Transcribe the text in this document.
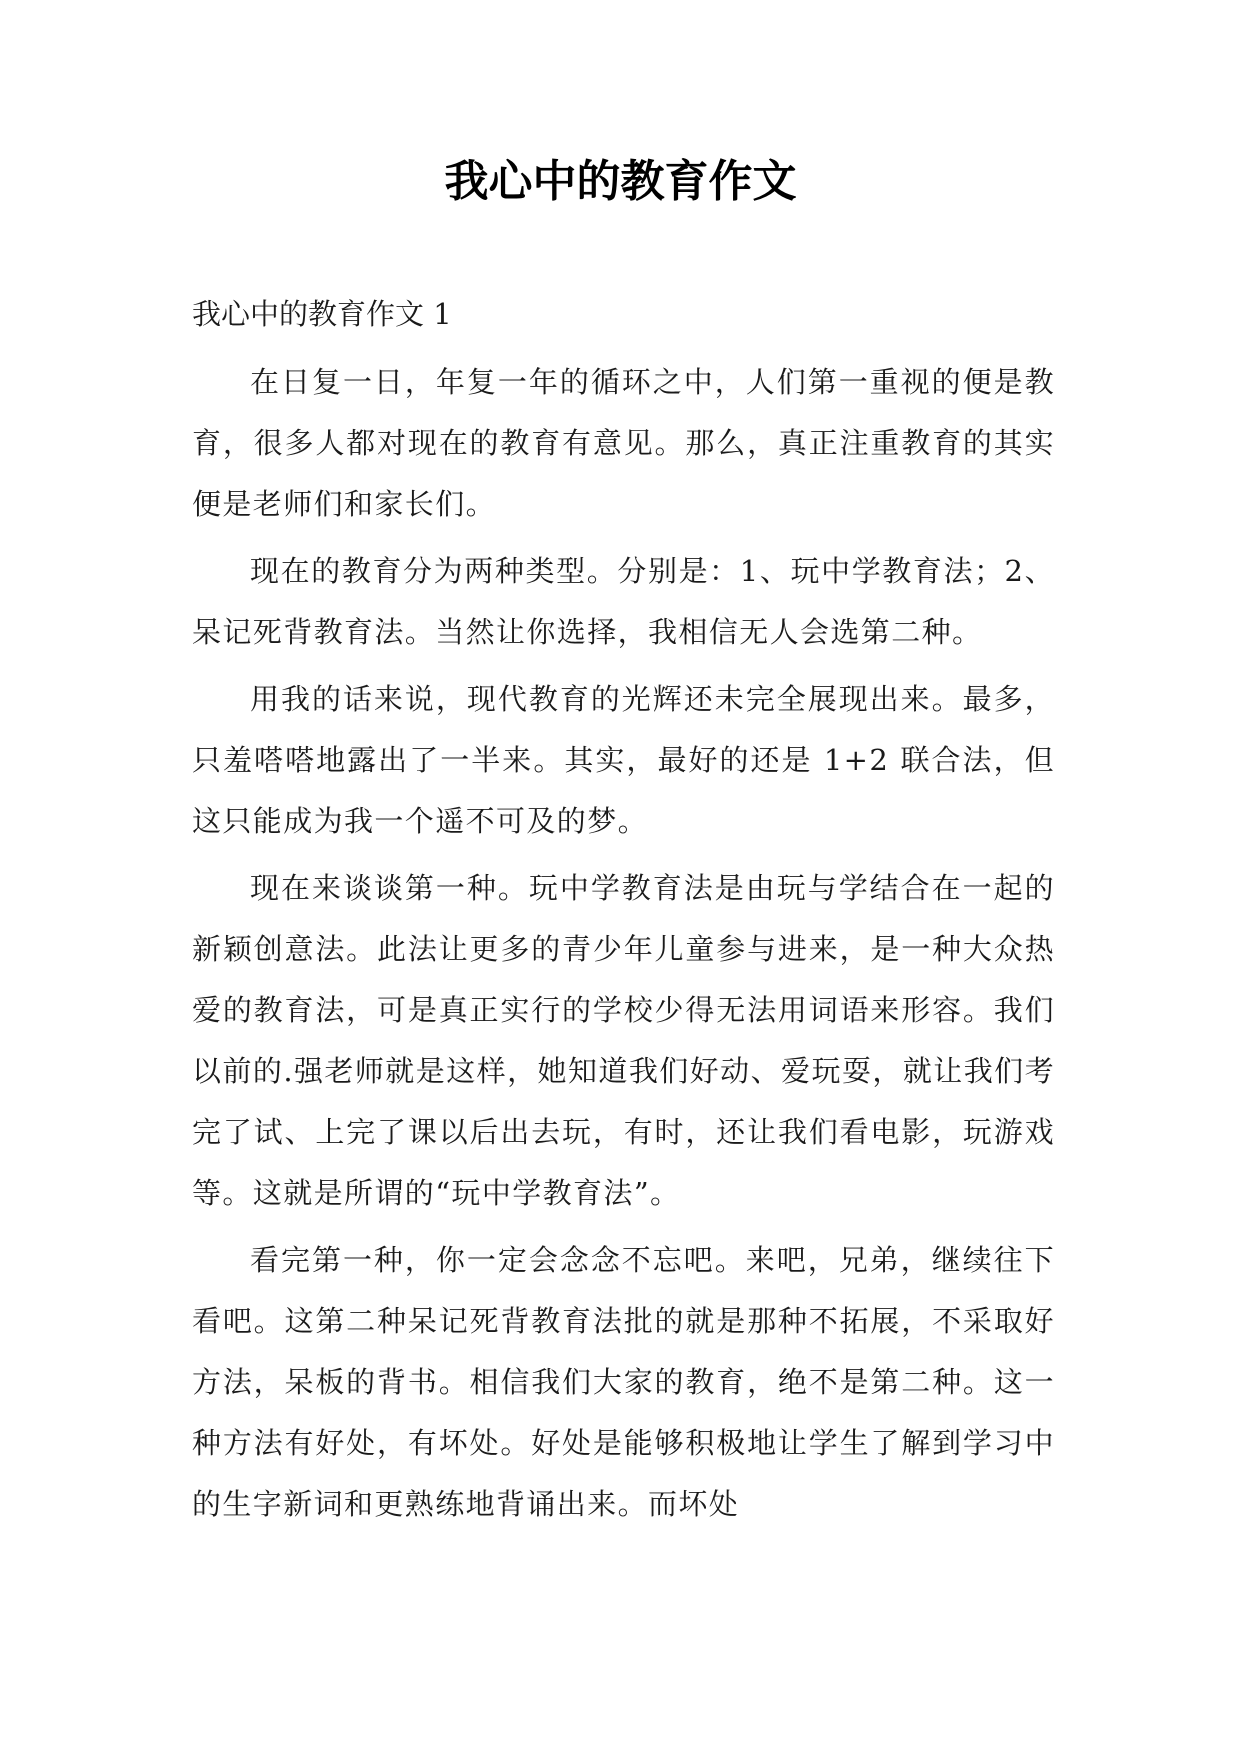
我心中的教育作文

我心中的教育作文 1

在日复一日，年复一年的循环之中，人们第一重视的便是教育，很多人都对现在的教育有意见。那么，真正注重教育的其实便是老师们和家长们。

现在的教育分为两种类型。分别是：1、玩中学教育法；2、呆记死背教育法。当然让你选择，我相信无人会选第二种。

用我的话来说，现代教育的光辉还未完全展现出来。最多，只羞嗒嗒地露出了一半来。其实，最好的还是 1+2 联合法，但这只能成为我一个遥不可及的梦。

现在来谈谈第一种。玩中学教育法是由玩与学结合在一起的新颖创意法。此法让更多的青少年儿童参与进来，是一种大众热爱的教育法，可是真正实行的学校少得无法用词语来形容。我们以前的.强老师就是这样，她知道我们好动、爱玩耍，就让我们考完了试、上完了课以后出去玩，有时，还让我们看电影，玩游戏等。这就是所谓的“玩中学教育法”。

看完第一种，你一定会念念不忘吧。来吧，兄弟，继续往下看吧。这第二种呆记死背教育法批的就是那种不拓展，不采取好方法，呆板的背书。相信我们大家的教育，绝不是第二种。这一种方法有好处，有坏处。好处是能够积极地让学生了解到学习中的生字新词和更熟练地背诵出来。而坏处
